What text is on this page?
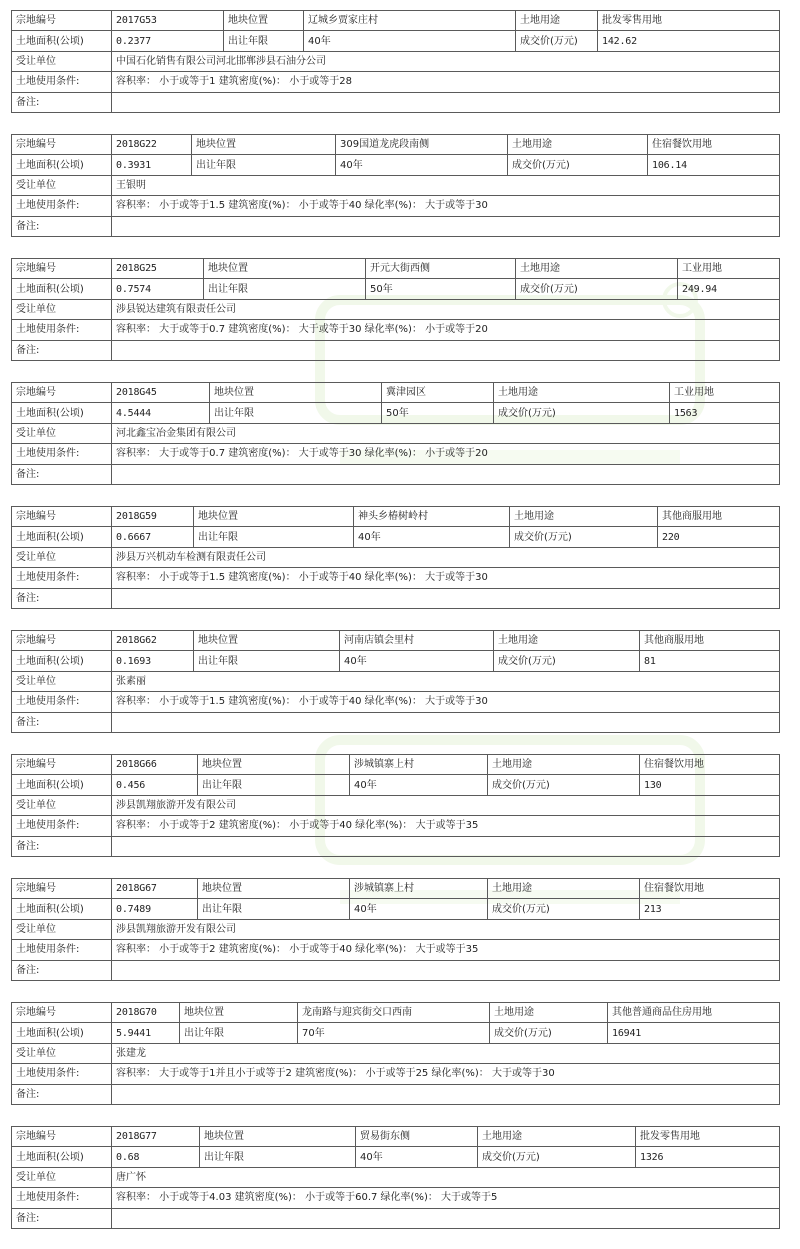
宗地编号	2017G53	地块位置	辽城乡贾家庄村	土地用途	批发零售用地
土地面积(公顷)	0.2377	出让年限	40年	成交价(万元)	142.62
受让单位	中国石化销售有限公司河北邯郸涉县石油分公司				
土地使用条件:	容积率： 小于或等于1 建筑密度(%)： 小于或等于28				
备注:					
宗地编号	2018G22	地块位置	309国道龙虎段南侧	土地用途	住宿餐饮用地
土地面积(公顷)	0.3931	出让年限	40年	成交价(万元)	106.14
受让单位	王银明				
土地使用条件:	容积率： 小于或等于1.5 建筑密度(%)： 小于或等于40 绿化率(%)： 大于或等于30				
备注:					
宗地编号	2018G25	地块位置	开元大街西侧	土地用途	工业用地
土地面积(公顷)	0.7574	出让年限	50年	成交价(万元)	249.94
受让单位	涉县锐达建筑有限责任公司				
土地使用条件:	容积率： 大于或等于0.7 建筑密度(%)： 大于或等于30 绿化率(%)： 小于或等于20				
备注:					
宗地编号	2018G45	地块位置	冀津园区	土地用途	工业用地
土地面积(公顷)	4.5444	出让年限	50年	成交价(万元)	1563
受让单位	河北鑫宝冶金集团有限公司				
土地使用条件:	容积率： 大于或等于0.7 建筑密度(%)： 大于或等于30 绿化率(%)： 小于或等于20				
备注:					
宗地编号	2018G59	地块位置	神头乡椿树岭村	土地用途	其他商服用地
土地面积(公顷)	0.6667	出让年限	40年	成交价(万元)	220
受让单位	涉县万兴机动车检测有限责任公司				
土地使用条件:	容积率： 小于或等于1.5 建筑密度(%)： 小于或等于40 绿化率(%)： 大于或等于30				
备注:					
宗地编号	2018G62	地块位置	河南店镇会里村	土地用途	其他商服用地
土地面积(公顷)	0.1693	出让年限	40年	成交价(万元)	81
受让单位	张素丽				
土地使用条件:	容积率： 小于或等于1.5 建筑密度(%)： 小于或等于40 绿化率(%)： 大于或等于30				
备注:					
宗地编号	2018G66	地块位置	涉城镇寨上村	土地用途	住宿餐饮用地
土地面积(公顷)	0.456	出让年限	40年	成交价(万元)	130
受让单位	涉县凯翔旅游开发有限公司				
土地使用条件:	容积率： 小于或等于2 建筑密度(%)： 小于或等于40 绿化率(%)： 大于或等于35				
备注:					
宗地编号	2018G67	地块位置	涉城镇寨上村	土地用途	住宿餐饮用地
土地面积(公顷)	0.7489	出让年限	40年	成交价(万元)	213
受让单位	涉县凯翔旅游开发有限公司				
土地使用条件:	容积率： 小于或等于2 建筑密度(%)： 小于或等于40 绿化率(%)： 大于或等于35				
备注:					
宗地编号	2018G70	地块位置	龙南路与迎宾街交口西南	土地用途	其他普通商品住房用地
土地面积(公顷)	5.9441	出让年限	70年	成交价(万元)	16941
受让单位	张建龙				
土地使用条件:	容积率： 大于或等于1并且小于或等于2 建筑密度(%)： 小于或等于25 绿化率(%)： 大于或等于30				
备注:					
宗地编号	2018G77	地块位置	贸易街东侧	土地用途	批发零售用地
土地面积(公顷)	0.68	出让年限	40年	成交价(万元)	1326
受让单位	唐广怀				
土地使用条件:	容积率： 小于或等于4.03 建筑密度(%)： 小于或等于60.7 绿化率(%)： 大于或等于5				
备注:					
